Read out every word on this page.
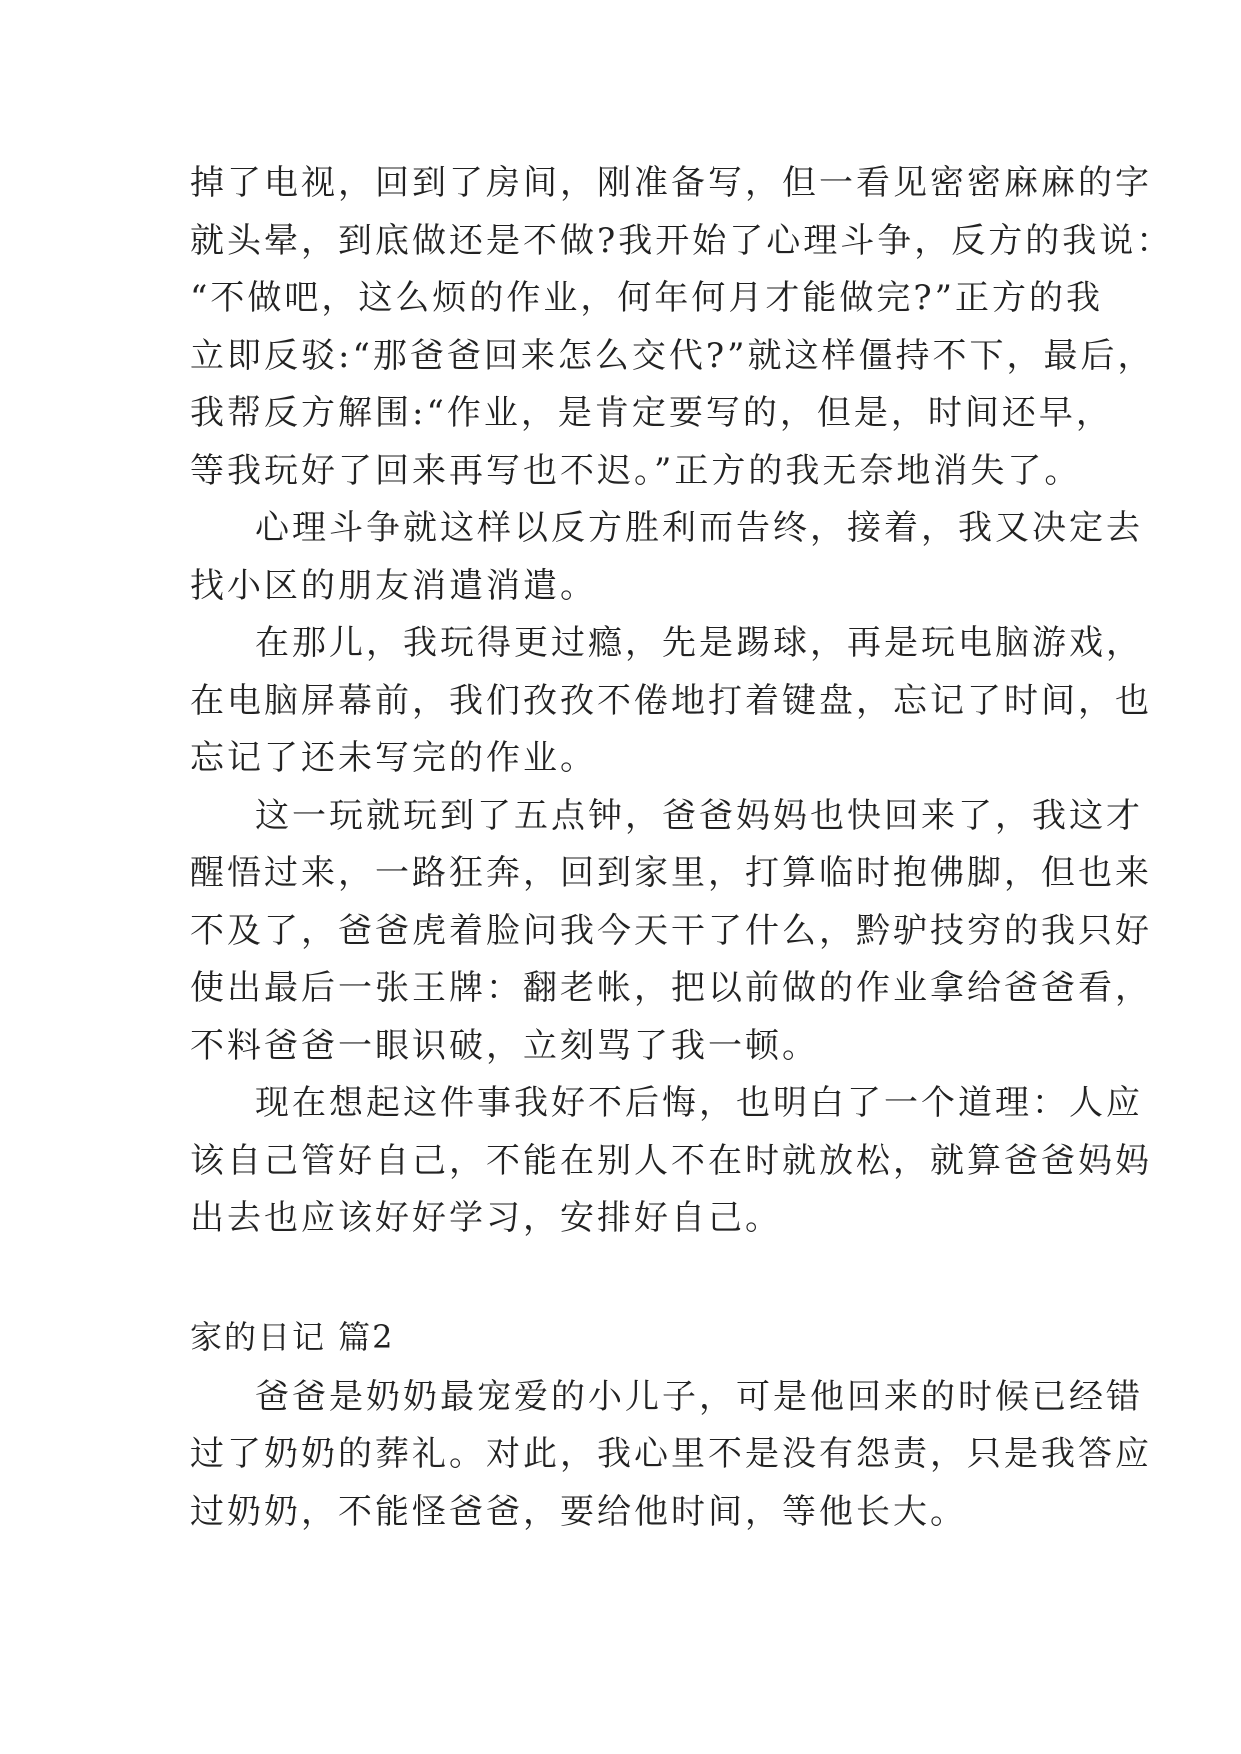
掉了电视，回到了房间，刚准备写，但一看见密密麻麻的字
就头晕，到底做还是不做?我开始了心理斗争，反方的我说：
“不做吧，这么烦的作业，何年何月才能做完?”正方的我
立即反驳:“那爸爸回来怎么交代?”就这样僵持不下，最后，
我帮反方解围:“作业，是肯定要写的，但是，时间还早，
等我玩好了回来再写也不迟。”正方的我无奈地消失了。
心理斗争就这样以反方胜利而告终，接着，我又决定去
找小区的朋友消遣消遣。
在那儿，我玩得更过瘾，先是踢球，再是玩电脑游戏，
在电脑屏幕前，我们孜孜不倦地打着键盘，忘记了时间，也
忘记了还未写完的作业。
这一玩就玩到了五点钟，爸爸妈妈也快回来了，我这才
醒悟过来，一路狂奔，回到家里，打算临时抱佛脚，但也来
不及了，爸爸虎着脸问我今天干了什么，黔驴技穷的我只好
使出最后一张王牌：翻老帐，把以前做的作业拿给爸爸看，
不料爸爸一眼识破，立刻骂了我一顿。
现在想起这件事我好不后悔，也明白了一个道理：人应
该自己管好自己，不能在别人不在时就放松，就算爸爸妈妈
出去也应该好好学习，安排好自己。
家的日记 篇2
爸爸是奶奶最宠爱的小儿子，可是他回来的时候已经错
过了奶奶的葬礼。对此，我心里不是没有怨责，只是我答应
过奶奶，不能怪爸爸，要给他时间，等他长大。
